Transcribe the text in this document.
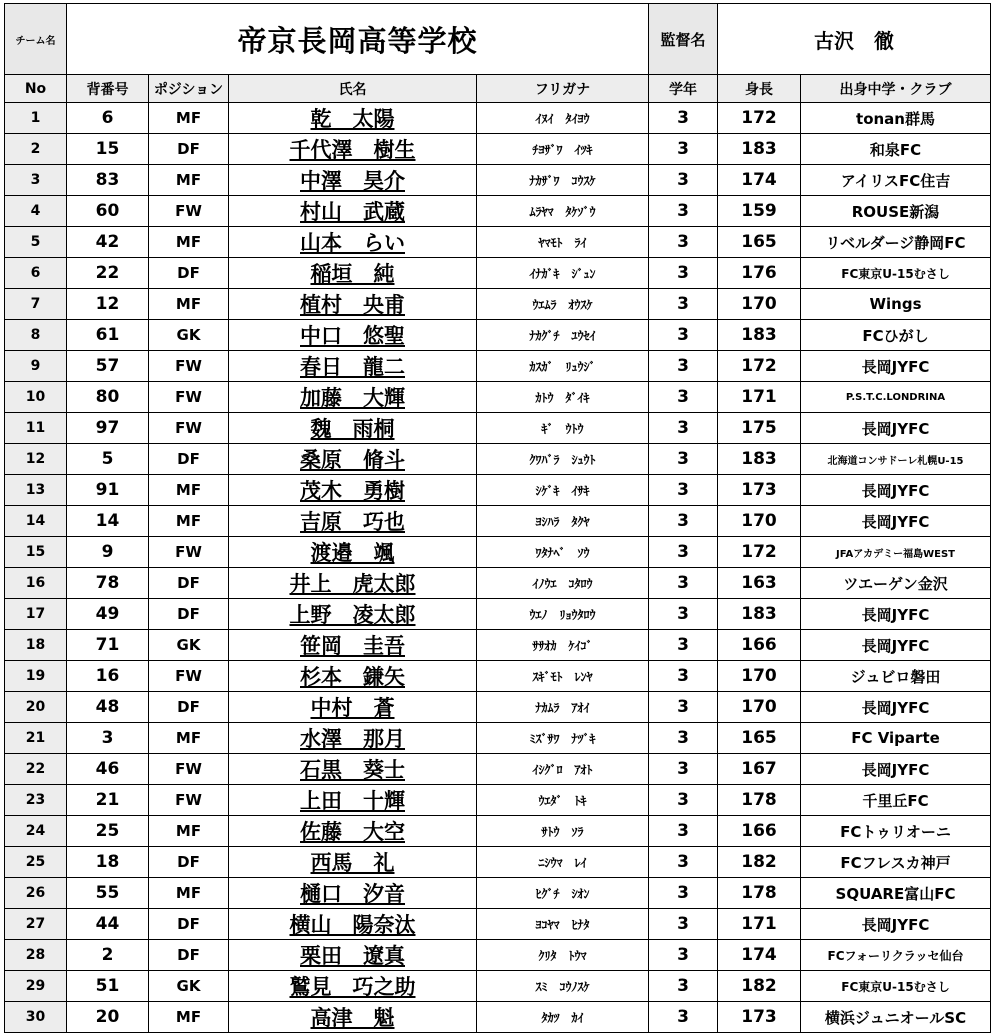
チーム名	帝京長岡高等学校				監督名	古沢　徹	
No	背番号	ポジション	氏名	フリガナ	学年	身長	出身中学・クラブ
1	6	MF	乾　太陽	ｲﾇｲ　ﾀｲﾖｳ	3	172	tonan群馬
2	15	DF	千代澤　樹生	ﾁﾖｻﾞﾜ　ｲﾂｷ	3	183	和泉FC
3	83	MF	中澤　昊介	ﾅｶｻﾞﾜ　ｺｳｽｹ	3	174	アイリスFC住吉
4	60	FW	村山　武蔵	ﾑﾗﾔﾏ　ﾀｹｿﾞｳ	3	159	ROUSE新潟
5	42	MF	山本　らい	ﾔﾏﾓﾄ　ﾗｲ	3	165	リベルダージ静岡FC
6	22	DF	稲垣　純	ｲﾅｶﾞｷ　ｼﾞｭﾝ	3	176	FC東京U-15むさし
7	12	MF	植村　央甫	ｳｴﾑﾗ　ｵｳｽｹ	3	170	Wings
8	61	GK	中口　悠聖	ﾅｶｸﾞﾁ　ﾕｳｾｲ	3	183	FCひがし
9	57	FW	春日　龍二	ｶｽｶﾞ　ﾘｭｳｼﾞ	3	172	長岡JYFC
10	80	FW	加藤　大輝	ｶﾄｳ　ﾀﾞｲｷ	3	171	P.S.T.C.LONDRINA
11	97	FW	魏　雨桐	ｷﾞ　ｳﾄｳ	3	175	長岡JYFC
12	5	DF	桑原　脩斗	ｸﾜﾊﾞﾗ　ｼｭｳﾄ	3	183	北海道コンサドーレ札幌U-15
13	91	MF	茂木　勇樹	ｼｹﾞｷ　ｲｻｷ	3	173	長岡JYFC
14	14	MF	吉原　巧也	ﾖｼﾊﾗ　ﾀｸﾔ	3	170	長岡JYFC
15	9	FW	渡邉　颯	ﾜﾀﾅﾍﾞ　ｿｳ	3	172	JFAアカデミー福島WEST
16	78	DF	井上　虎太郎	ｲﾉｳｴ　ｺﾀﾛｳ	3	163	ツエーゲン金沢
17	49	DF	上野　凌太郎	ｳｴﾉ　ﾘｮｳﾀﾛｳ	3	183	長岡JYFC
18	71	GK	笹岡　圭吾	ｻｻｵｶ　ｹｲｺﾞ	3	166	長岡JYFC
19	16	FW	杉本　鎌矢	ｽｷﾞﾓﾄ　ﾚﾝﾔ	3	170	ジュビロ磐田
20	48	DF	中村　蒼	ﾅｶﾑﾗ　ｱｵｲ	3	170	長岡JYFC
21	3	MF	水澤　那月	ﾐｽﾞｻﾜ　ﾅﾂﾞｷ	3	165	FC Viparte
22	46	FW	石黒　葵士	ｲｼｸﾞﾛ　ｱｵﾄ	3	167	長岡JYFC
23	21	FW	上田　十輝	ｳｴﾀﾞ　ﾄｷ	3	178	千里丘FC
24	25	MF	佐藤　大空	ｻﾄｳ　ｿﾗ	3	166	FCトゥリオーニ
25	18	DF	西馬　礼	ﾆｼｳﾏ　ﾚｲ	3	182	FCフレスカ神戸
26	55	MF	樋口　汐音	ﾋｸﾞﾁ　ｼｵﾝ	3	178	SQUARE富山FC
27	44	DF	横山　陽奈汰	ﾖｺﾔﾏ　ﾋﾅﾀ	3	171	長岡JYFC
28	2	DF	栗田　遼真	ｸﾘﾀ　ﾄｳﾏ	3	174	FCフォーリクラッセ仙台
29	51	GK	鷲見　巧之助	ｽﾐ　ｺｳﾉｽｹ	3	182	FC東京U-15むさし
30	20	MF	高津　魁	ﾀｶﾂ　ｶｲ	3	173	横浜ジュニオールSC
